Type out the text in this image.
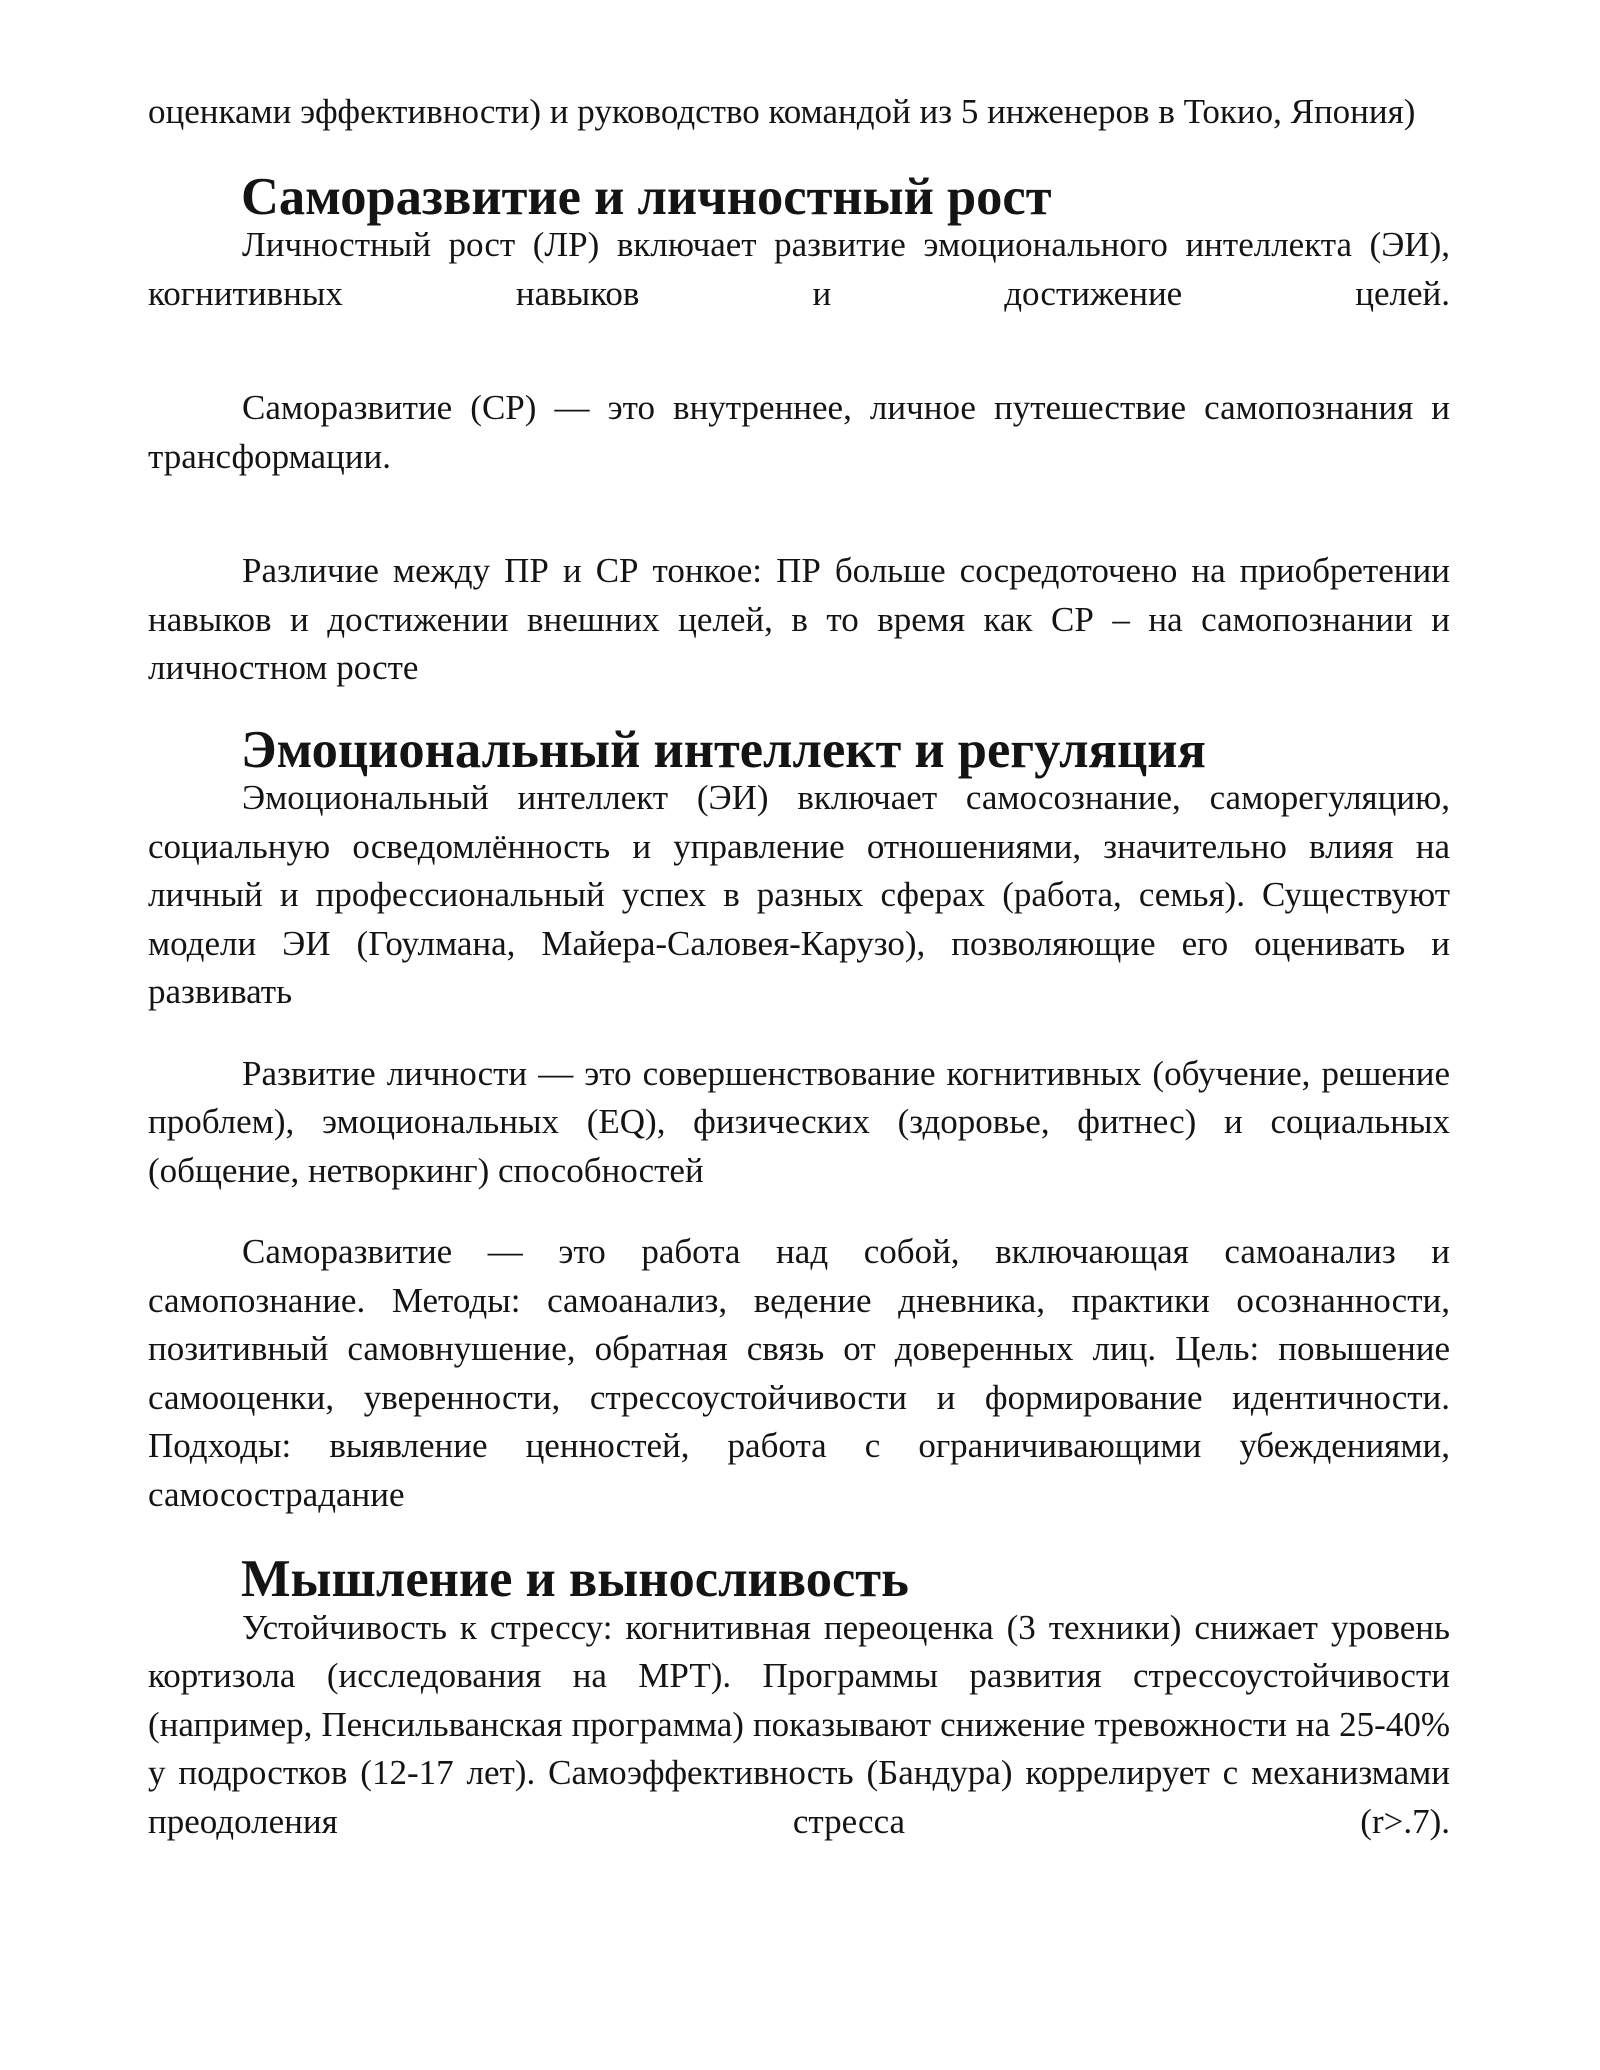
оценками эффективности) и руководство командой из 5 инженеров в Токио, Япония)

Саморазвитие и личностный рост

Личностный рост (ЛР) включает развитие эмоционального интеллекта (ЭИ), когнитивных навыков и достижение целей.

Саморазвитие (СР) — это внутреннее, личное путешествие самопознания и трансформации.

Различие между ПР и СР тонкое: ПР больше сосредоточено на приобретении навыков и достижении внешних целей, в то время как СР – на самопознании и личностном росте

Эмоциональный интеллект и регуляция

Эмоциональный интеллект (ЭИ) включает самосознание, саморегуляцию, социальную осведомлённость и управление отношениями, значительно влияя на личный и профессиональный успех в разных сферах (работа, семья). Существуют модели ЭИ (Гоулмана, Майера-Саловея-Карузо), позволяющие его оценивать и развивать

Развитие личности — это совершенствование когнитивных (обучение, решение проблем), эмоциональных (EQ), физических (здоровье, фитнес) и социальных (общение, нетворкинг) способностей

Саморазвитие — это работа над собой, включающая самоанализ и самопознание. Методы: самоанализ, ведение дневника, практики осознанности, позитивный самовнушение, обратная связь от доверенных лиц. Цель: повышение самооценки, уверенности, стрессоустойчивости и формирование идентичности. Подходы: выявление ценностей, работа с ограничивающими убеждениями, самосострадание

Мышление и выносливость

Устойчивость к стрессу: когнитивная переоценка (3 техники) снижает уровень кортизола (исследования на МРТ). Программы развития стрессоустойчивости (например, Пенсильванская программа) показывают снижение тревожности на 25-40% у подростков (12-17 лет). Самоэффективность (Бандура) коррелирует с механизмами преодоления стресса (r>.7).
